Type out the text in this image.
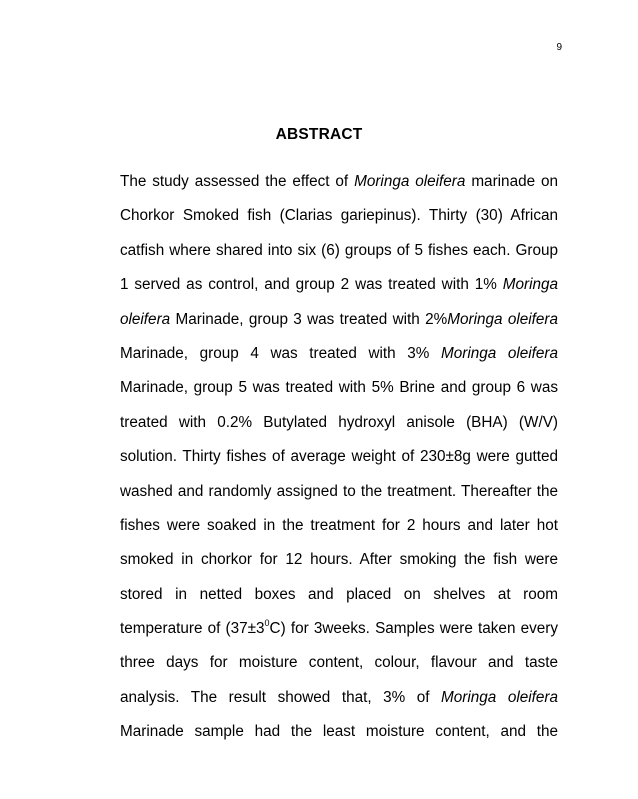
9
ABSTRACT
The study assessed the effect of Moringa oleifera marinade on
Chorkor Smoked fish (Clarias gariepinus). Thirty (30) African
catfish where shared into six (6) groups of 5 fishes each. Group
1 served as control, and group 2 was treated with 1% Moringa
oleifera Marinade, group 3 was treated with 2%Moringa oleifera
Marinade, group 4 was treated with 3% Moringa oleifera
Marinade, group 5 was treated with 5% Brine and group 6 was
treated with 0.2% Butylated hydroxyl anisole (BHA) (W/V)
solution. Thirty fishes of average weight of 230±8g were gutted
washed and randomly assigned to the treatment. Thereafter the
fishes were soaked in the treatment for 2 hours and later hot
smoked in chorkor for 12 hours. After smoking the fish were
stored in netted boxes and placed on shelves at room
temperature of $(37\pm 3^0C)$ for 3weeks. Samples were taken every
three days for moisture content, colour, flavour and taste
analysis. The result showed that, 3% of Moringa oleifera
Marinade sample had the least moisture content, and the
